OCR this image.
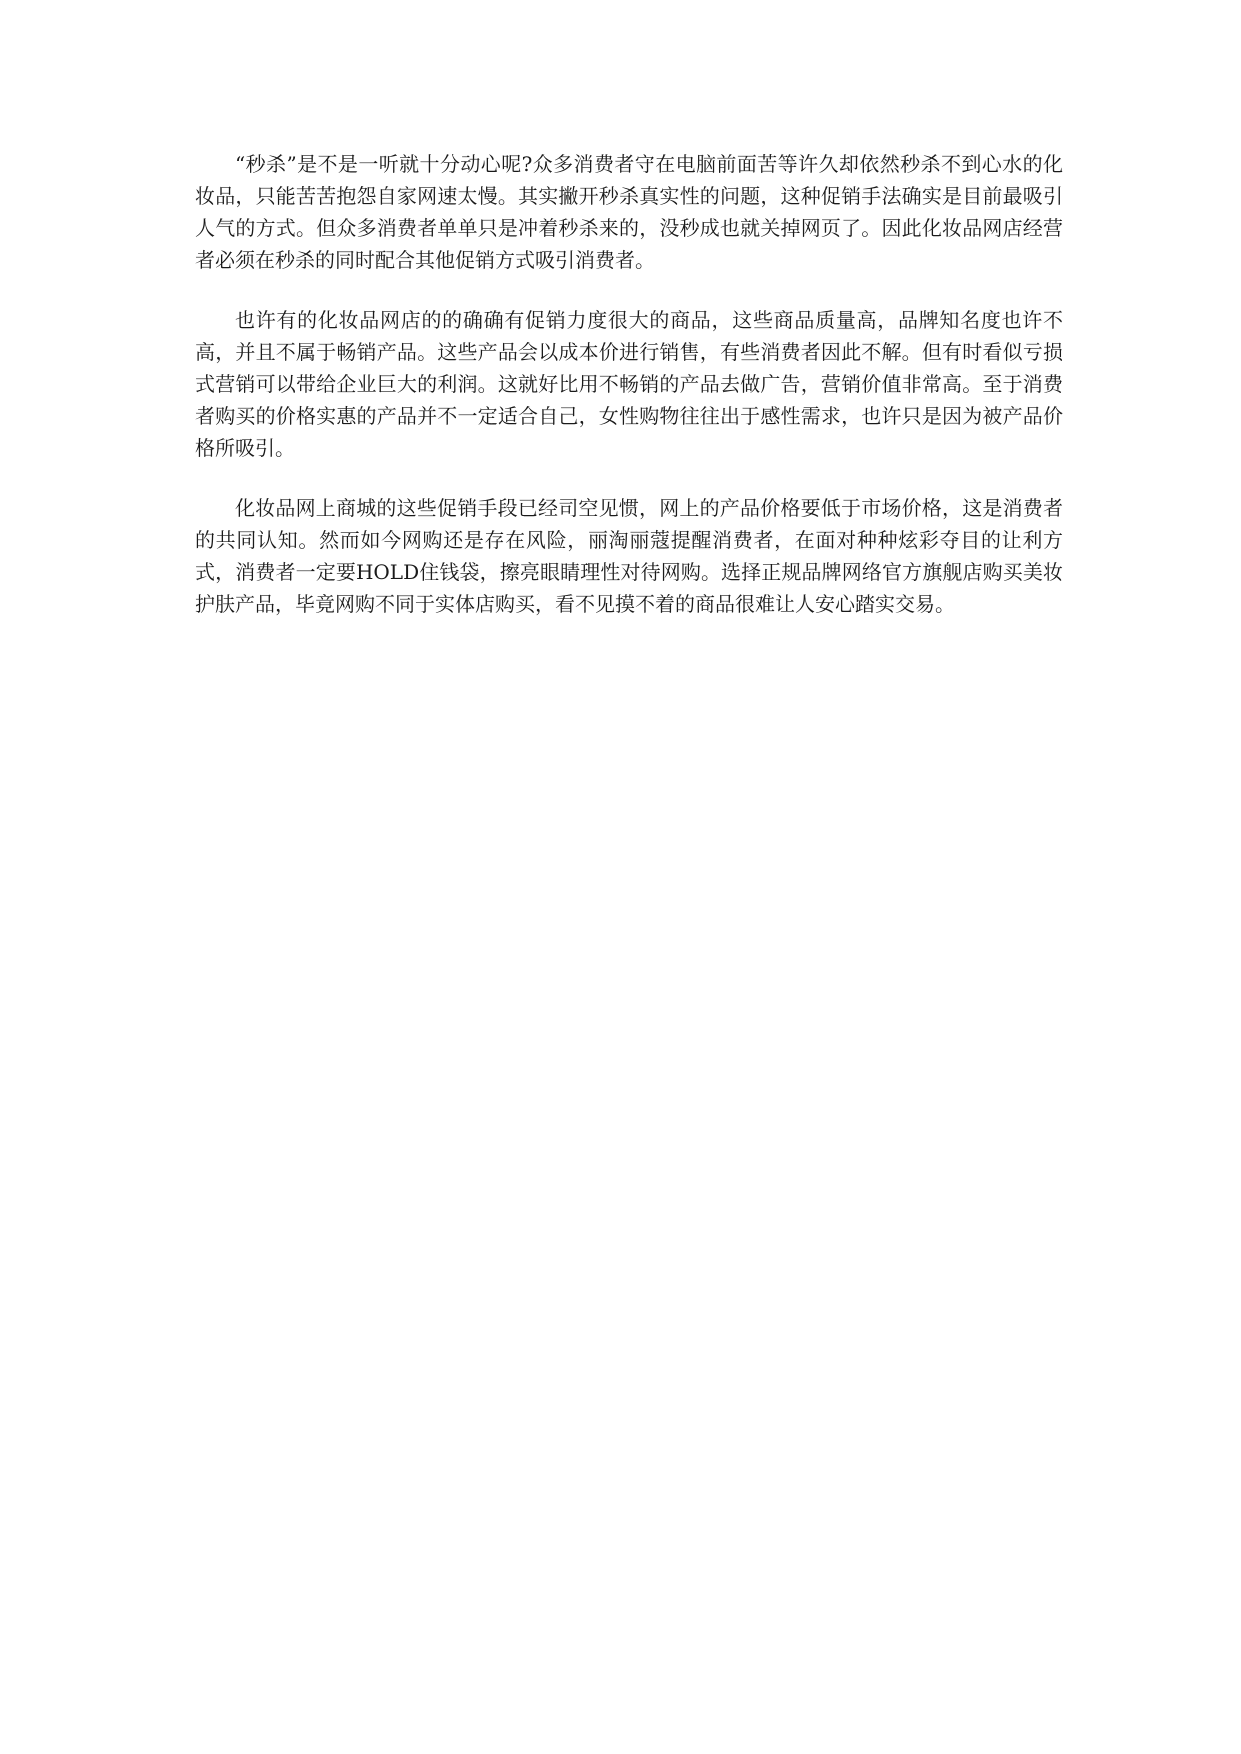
“秒杀”是不是一听就十分动心呢?众多消费者守在电脑前面苦等许久却依然秒杀不到心水的化妆品，只能苦苦抱怨自家网速太慢。其实撇开秒杀真实性的问题，这种促销手法确实是目前最吸引人气的方式。但众多消费者单单只是冲着秒杀来的，没秒成也就关掉网页了。因此化妆品网店经营者必须在秒杀的同时配合其他促销方式吸引消费者。

也许有的化妆品网店的的确确有促销力度很大的商品，这些商品质量高，品牌知名度也许不高，并且不属于畅销产品。这些产品会以成本价进行销售，有些消费者因此不解。但有时看似亏损式营销可以带给企业巨大的利润。这就好比用不畅销的产品去做广告，营销价值非常高。至于消费者购买的价格实惠的产品并不一定适合自己，女性购物往往出于感性需求，也许只是因为被产品价格所吸引。

化妆品网上商城的这些促销手段已经司空见惯，网上的产品价格要低于市场价格，这是消费者的共同认知。然而如今网购还是存在风险，丽淘丽蔻提醒消费者，在面对种种炫彩夺目的让利方式，消费者一定要HOLD住钱袋，擦亮眼睛理性对待网购。选择正规品牌网络官方旗舰店购买美妆护肤产品，毕竟网购不同于实体店购买，看不见摸不着的商品很难让人安心踏实交易。
